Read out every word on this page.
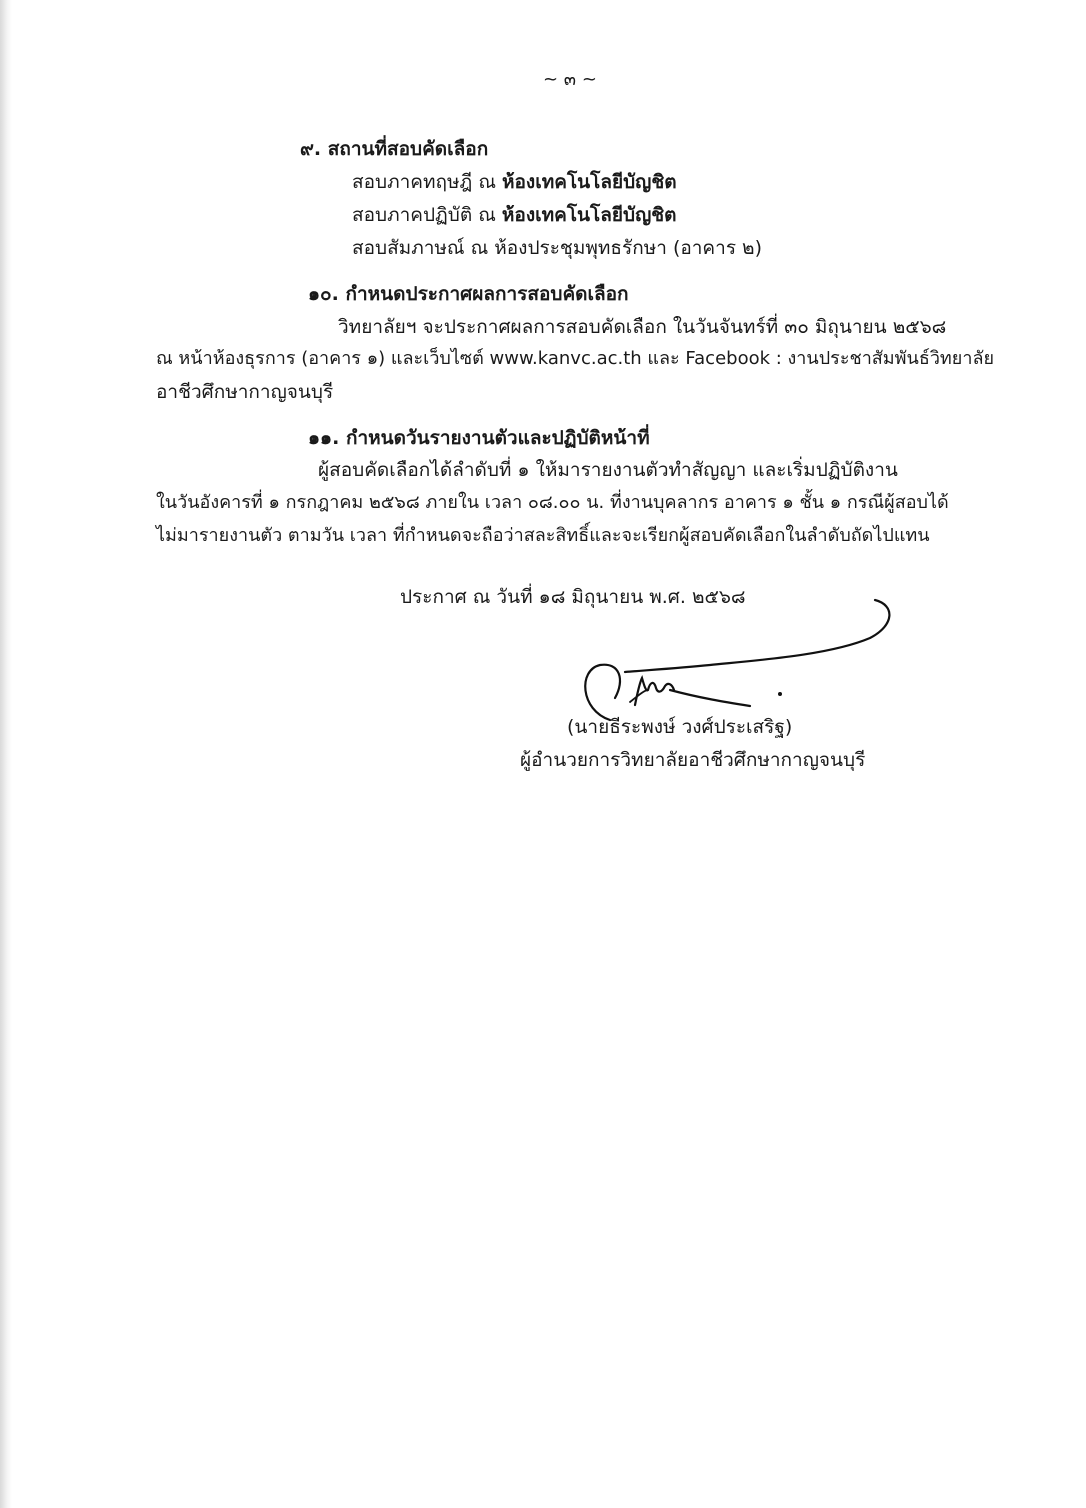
~ ๓ ~
๙. สถานที่สอบคัดเลือก
สอบภาคทฤษฎี ณ ห้องเทคโนโลยีบัญชิต
สอบภาคปฏิบัติ ณ ห้องเทคโนโลยีบัญชิต
สอบสัมภาษณ์ ณ ห้องประชุมพุทธรักษา (อาคาร ๒)
๑๐. กำหนดประกาศผลการสอบคัดเลือก
วิทยาลัยฯ จะประกาศผลการสอบคัดเลือก ในวันจันทร์ที่ ๓๐ มิถุนายน ๒๕๖๘
ณ หน้าห้องธุรการ (อาคาร ๑) และเว็บไซต์ www.kanvc.ac.th และ Facebook : งานประชาสัมพันธ์วิทยาลัย
อาชีวศึกษากาญจนบุรี
๑๑. กำหนดวันรายงานตัวและปฏิบัติหน้าที่
ผู้สอบคัดเลือกได้ลำดับที่ ๑ ให้มารายงานตัวทำสัญญา และเริ่มปฏิบัติงาน
ในวันอังคารที่ ๑ กรกฎาคม ๒๕๖๘ ภายใน เวลา ๐๘.๐๐ น. ที่งานบุคลากร อาคาร ๑ ชั้น ๑ กรณีผู้สอบได้
ไม่มารายงานตัว ตามวัน เวลา ที่กำหนดจะถือว่าสละสิทธิ์และจะเรียกผู้สอบคัดเลือกในลำดับถัดไปแทน
ประกาศ ณ วันที่ ๑๘ มิถุนายน พ.ศ. ๒๕๖๘
(นายธีระพงษ์ วงศ์ประเสริฐ)
ผู้อำนวยการวิทยาลัยอาชีวศึกษากาญจนบุรี
